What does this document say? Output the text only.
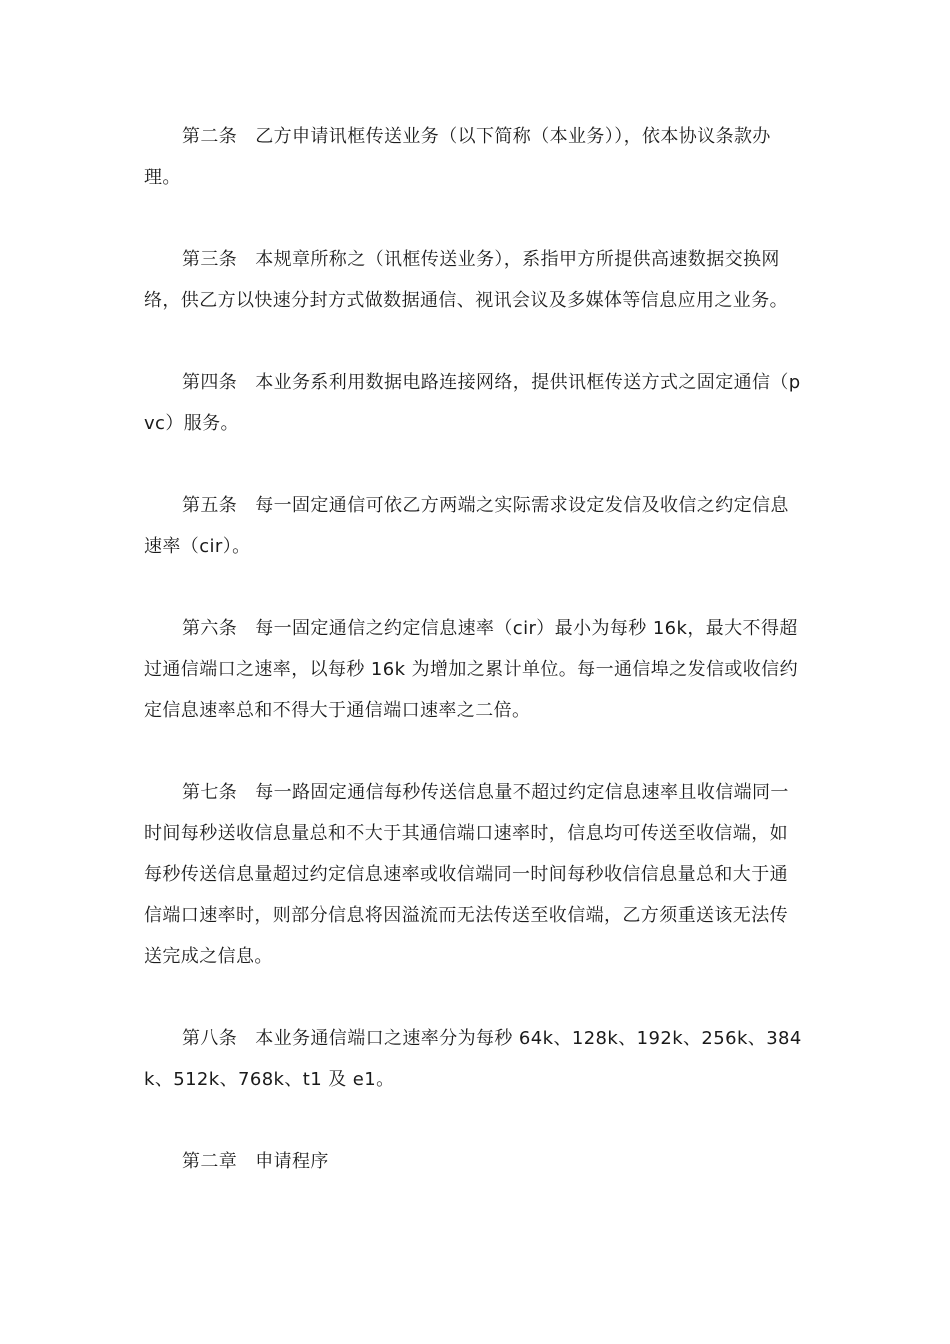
第二条 乙方申请讯框传送业务（以下简称（本业务）），依本协议条款办理。

第三条 本规章所称之（讯框传送业务），系指甲方所提供高速数据交换网络，供乙方以快速分封方式做数据通信、视讯会议及多媒体等信息应用之业务。

第四条 本业务系利用数据电路连接网络，提供讯框传送方式之固定通信（pvc）服务。

第五条 每一固定通信可依乙方两端之实际需求设定发信及收信之约定信息速率（cir）。

第六条 每一固定通信之约定信息速率（cir）最小为每秒 16k，最大不得超过通信端口之速率，以每秒 16k 为增加之累计单位。每一通信埠之发信或收信约定信息速率总和不得大于通信端口速率之二倍。

第七条 每一路固定通信每秒传送信息量不超过约定信息速率且收信端同一时间每秒送收信息量总和不大于其通信端口速率时，信息均可传送至收信端，如每秒传送信息量超过约定信息速率或收信端同一时间每秒收信信息量总和大于通信端口速率时，则部分信息将因溢流而无法传送至收信端，乙方须重送该无法传送完成之信息。

第八条 本业务通信端口之速率分为每秒 64k、128k、192k、256k、384k、512k、768k、t1 及 e1。

第二章 申请程序
